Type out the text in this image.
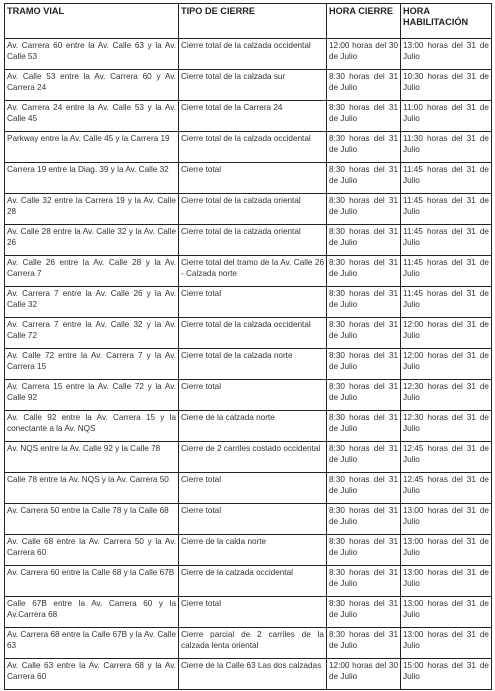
TRAMO VIAL	TIPO DE CIERRE	HORA CIERRE	HORA HABILITACIÓN
Av. Carrera 60 entre la Av. Calle 63 y la Av. Calle 53	Cierre total de la calzada occidental	12:00 horas del 30 de Julio	13:00 horas del 31 de Julio
Av. Calle 53 entre la Av. Carrera 60 y Av. Carrera 24	Cierre total de la calzada sur	8:30 horas del 31 de Julio	10:30 horas del 31 de Julio
Av. Carrera 24 entre la Av. Calle 53 y la Av. Calle 45	Cierre total de la Carrera 24	8:30 horas del 31 de Julio	11:00 horas del 31 de Julio
Parkway entre la Av. Calle 45 y la Carrera 19	Cierre total de la calzada occidental	8:30 horas del 31 de Julio	11:30 horas del 31 de Julio
Carrera 19 entre la Diag. 39 y la Av. Calle 32	Cierre total	8:30 horas del 31 de Julio	11:45 horas del 31 de Julio
Av. Calle 32 entre la Carrera 19 y la Av. Calle 28	Cierre total de la calzada oriental	8:30 horas del 31 de Julio	11:45 horas del 31 de Julio
Av. Calle 28 entre la Av. Calle 32 y la Av. Calle 26	Cierre total de la calzada oriental	8:30 horas del 31 de Julio	11:45 horas del 31 de Julio
Av. Calle 26 entre la Av. Calle 28 y la Av. Carrera 7	Cierre total del tramo de la Av. Calle 26 - Calzada norte	8:30 horas del 31 de Julio	11:45 horas del 31 de Julio
Av. Carrera 7 entre la Av. Calle 26 y la Av. Calle 32	Cierre total	8:30 horas del 31 de Julio	11:45 horas del 31 de Julio
Av. Carrera 7 entre la Av. Calle 32 y la Av. Calle 72	Cierre total de la calzada occidental	8:30 horas del 31 de Julio	12:00 horas del 31 de Julio
Av. Calle 72 entre la Av. Carrera 7 y la Av. Carrera 15	Cierre total de la calzada norte	8:30 horas del 31 de Julio	12:00 horas del 31 de Julio
Av. Carrera 15 entre la Av. Calle 72 y la Av. Calle 92	Cierre total	8:30 horas del 31 de Julio	12:30 horas del 31 de Julio
Av. Calle 92 entre la Av. Carrera 15 y la conectante a la Av. NQS	Cierre de la calzada norte	8:30 horas del 31 de Julio	12:30 horas del 31 de Julio
Av. NQS entre la Av. Calle 92 y la Calle 78	Cierre de 2 carriles costado occidental	8:30 horas del 31 de Julio	12:45 horas del 31 de Julio
Calle 78 entre la Av. NQS y la Av. Carrera 50	Cierre total	8:30 horas del 31 de Julio	12:45 horas del 31 de Julio
Av. Carrera 50 entre la Calle 78 y la Calle 68	Cierre total	8:30 horas del 31 de Julio	13:00 horas del 31 de Julio
Av. Calle 68 entre la Av. Carrera 50 y la Av. Carrera 60	Cierre de la calda norte	8:30 horas del 31 de Julio	13:00 horas del 31 de Julio
Av. Carrera 60 entre la Calle 68 y la Calle 67B	Cierre de la calzada occidental	8:30 horas del 31 de Julio	13:00 horas del 31 de Julio
Calle 67B entre la Av. Carrera 60 y la Av.Carrera 68	Cierre total	8:30 horas del 31 de Julio	13:00 horas del 31 de Julio
Av. Carrera 68 entre la Calle 67B y la Av. Calle 63	Cierre parcial de 2 carriles de la calzada lenta oriental	8:30 horas del 31 de Julio	13:00 horas del 31 de Julio
Av. Calle 63 entre la Av. Carrera 68 y la Av. Carrera 60	Cierre de la Calle 63 Las dos calzadas	12:00 horas del 30 de Julio	15:00 horas del 31 de Julio
